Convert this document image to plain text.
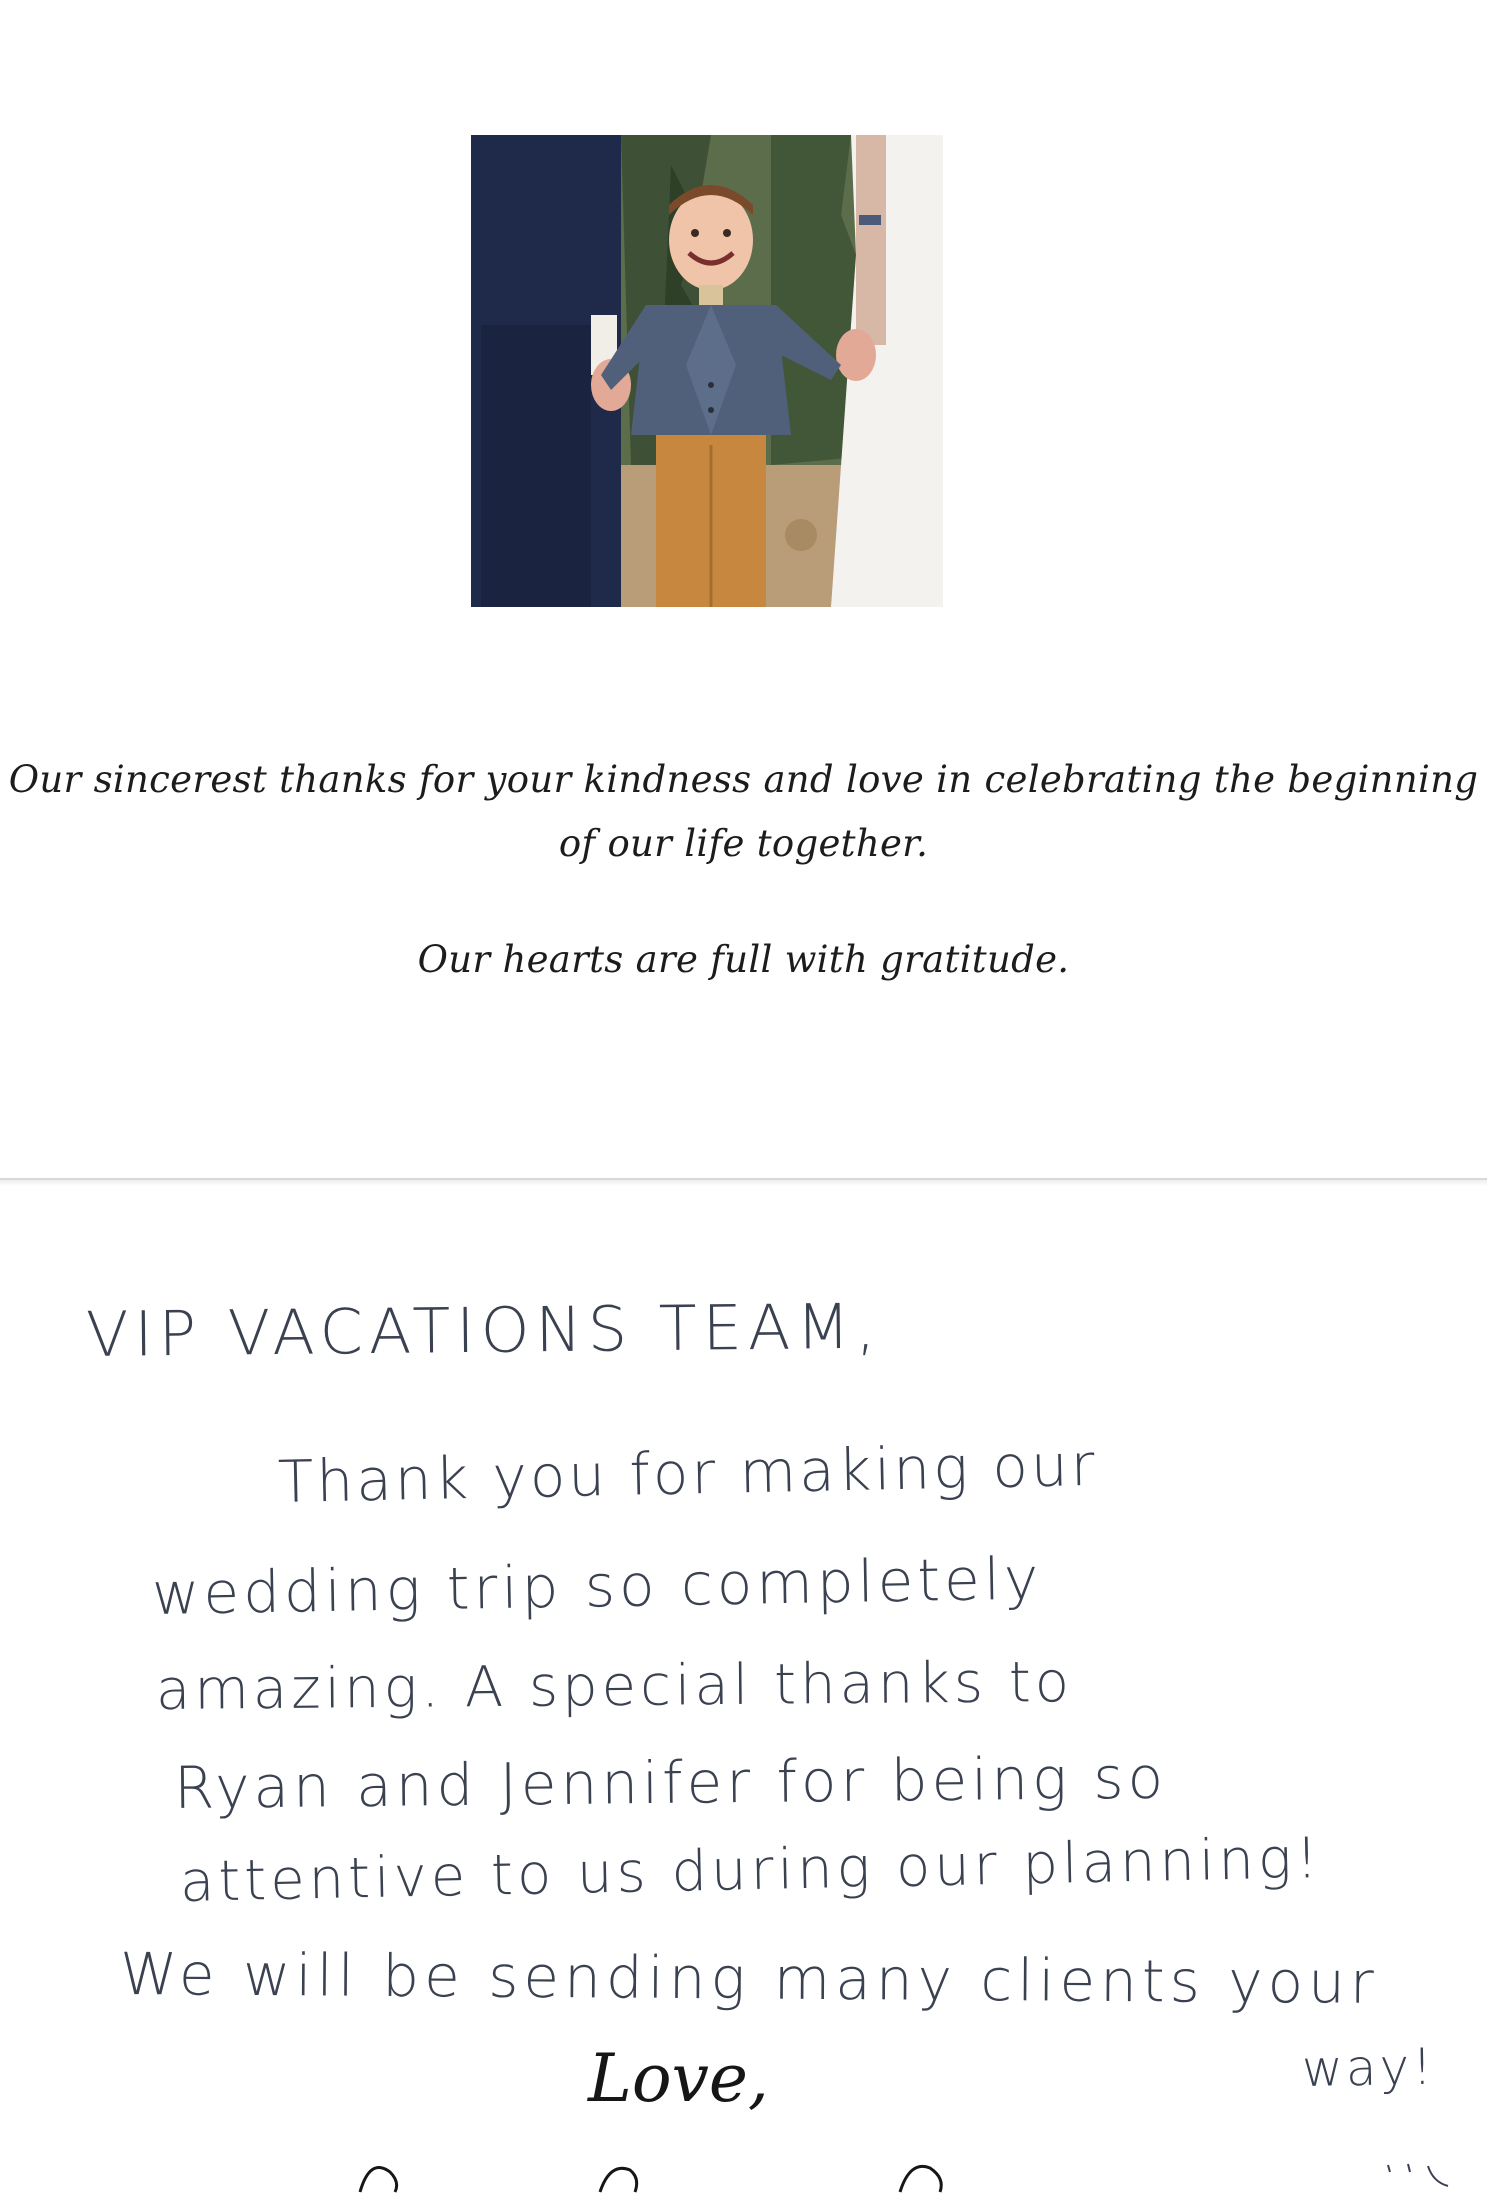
Our sincerest thanks for your kindness and love in celebrating the beginning
of our life together.
Our hearts are full with gratitude.
VIP VACATIONS TEAM,
Thank you for making our
wedding trip so completely
amazing. A special thanks to
Ryan and Jennifer for being so
attentive to us during our planning!
We will be sending many clients your
way!
Love,
